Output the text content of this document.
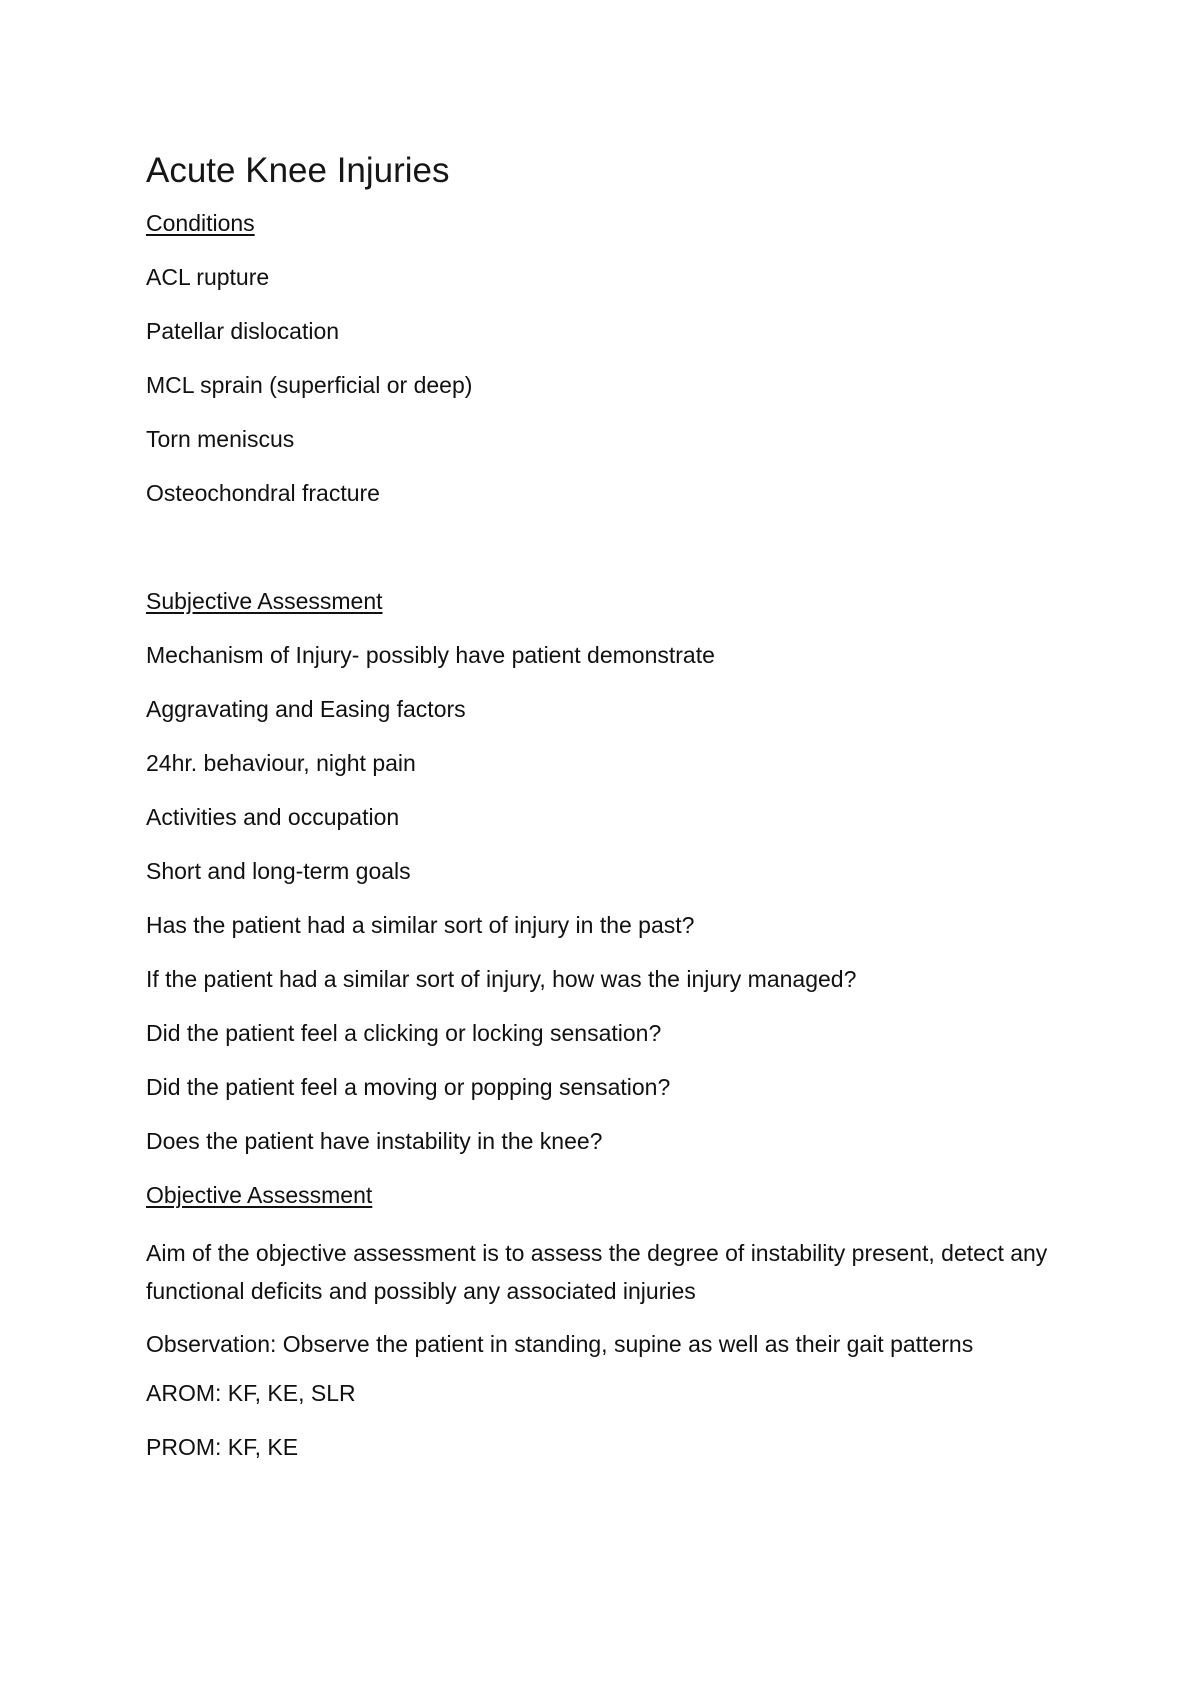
Acute Knee Injuries
Conditions
ACL rupture
Patellar dislocation
MCL sprain (superficial or deep)
Torn meniscus
Osteochondral fracture
Subjective Assessment
Mechanism of Injury- possibly have patient demonstrate
Aggravating and Easing factors
24hr. behaviour, night pain
Activities and occupation
Short and long-term goals
Has the patient had a similar sort of injury in the past?
If the patient had a similar sort of injury, how was the injury managed?
Did the patient feel a clicking or locking sensation?
Did the patient feel a moving or popping sensation?
Does the patient have instability in the knee?
Objective Assessment
Aim of the objective assessment is to assess the degree of instability present, detect any functional deficits and possibly any associated injuries
Observation: Observe the patient in standing, supine as well as their gait patterns
AROM: KF, KE, SLR
PROM: KF, KE
